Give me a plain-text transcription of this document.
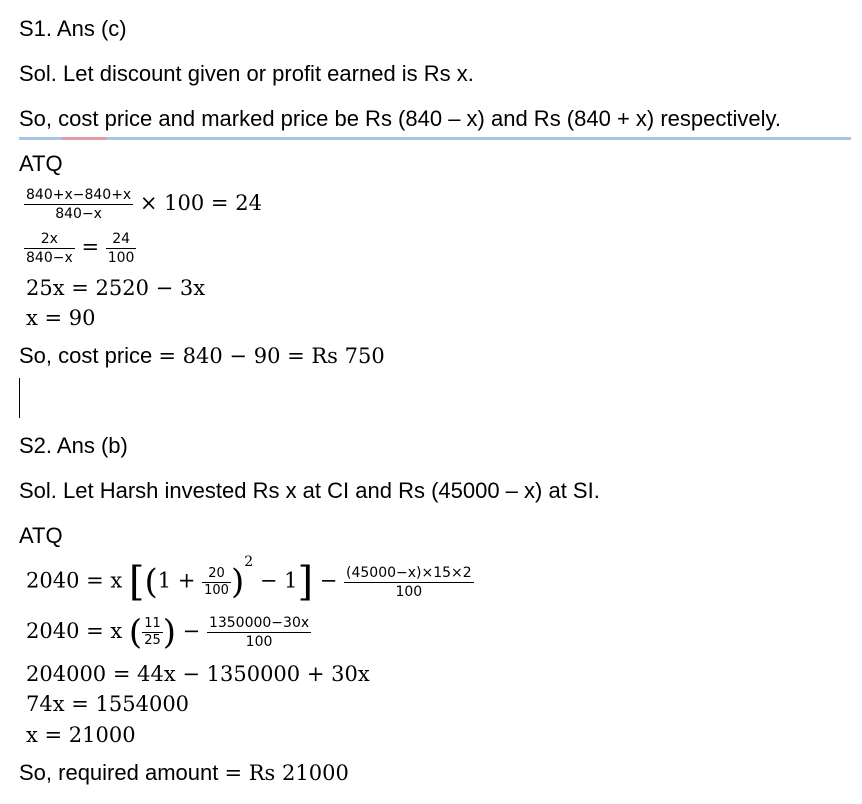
S1. Ans (c)
Sol. Let discount given or profit earned is Rs x.
So, cost price and marked price be Rs (840 – x) and Rs (840 + x) respectively.
ATQ
$\frac{840+x-840+x}{840-x} \times 100 = 24$
$\frac{2x}{840-x} = \frac{24}{100}$
25x = 2520 − 3x
x = 90
So, cost price = 840 − 90 = Rs 750
S2. Ans (b)
Sol. Let Harsh invested Rs x at CI and Rs (45000 – x) at SI.
ATQ
2040 = x $[(1 + \frac{20}{100} )^2 - 1] - \frac{(45000-x)\times 15\times 2}{100}$
2040 = x ( $\frac{11}{25}$ ) − $\frac{1350000-30x}{100}$
204000 = 44x − 1350000 + 30x
74x = 1554000
x = 21000
So, required amount = Rs 21000
